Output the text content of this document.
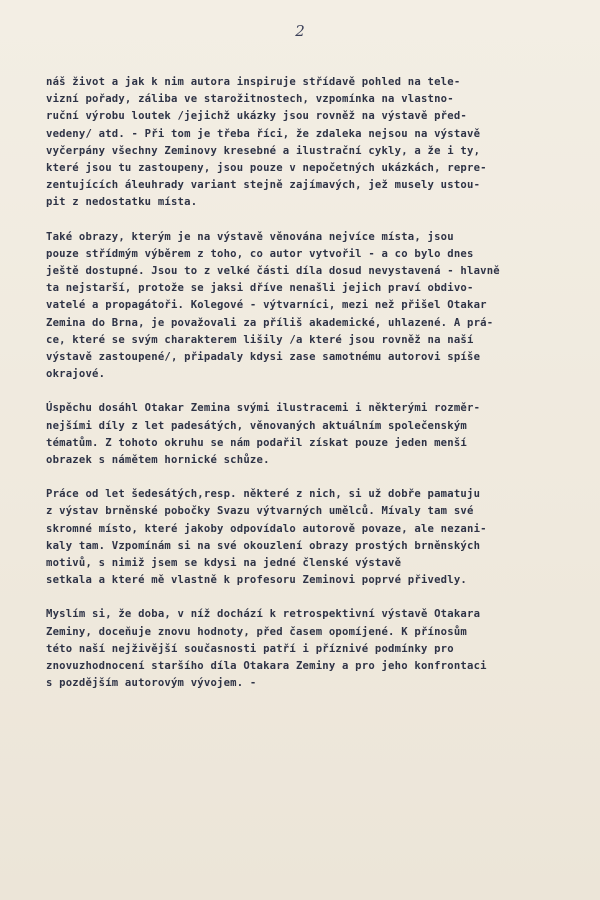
2

náš život a jak k nim autora inspiruje střídavě pohled na tele-
vizní pořady, záliba ve starožitnostech, vzpomínka na vlastno-
ruční výrobu loutek /jejichž ukázky jsou rovněž na výstavě před-
vedeny/ atd. - Při tom je třeba říci, že zdaleka nejsou na výstavě
vyčerpány všechny Zeminovy kresebné a ilustrační cykly, a že i ty,
které jsou tu zastoupeny, jsou pouze v nepočetných ukázkách, repre-
zentujících áleuhrady variant stejně zajímavých, jež musely ustou-
pit z nedostatku místa.

Také obrazy, kterým je na výstavě věnována nejvíce místa, jsou
pouze střídmým výběrem z toho, co autor vytvořil - a co bylo dnes
ještě dostupné. Jsou to z velké části díla dosud nevystavená - hlavně
ta nejstarší, protože se jaksi dříve nenašli jejich praví obdivo-
vatelé a propagátoři. Kolegové - výtvarníci, mezi než přišel Otakar
Zemina do Brna, je považovali za příliš akademické, uhlazené. A prá-
ce, které se svým charakterem lišily /a které jsou rovněž na naší
výstavě zastoupené/, připadaly kdysi zase samotnému autorovi spíše
okrajové.

Úspěchu dosáhl Otakar Zemina svými ilustracemi i některými rozměr-
nejšími díly z let padesátých, věnovaných aktuálním společenským
tématům. Z tohoto okruhu se nám podařil získat pouze jeden menší
obrazek s námětem hornické schůze.

Práce od let šedesátých,resp. některé z nich, si už dobře pamatuju
z výstav brněnské pobočky Svazu výtvarných umělců. Mívaly tam své
skromné místo, které jakoby odpovídalo autorově povaze, ale nezani-
kaly tam. Vzpomínám si na své okouzlení obrazy prostých brněnských
motivů, s nimiž jsem se kdysi na jedné členské výstavě
setkala a které mě vlastně k profesoru Zeminovi poprvé přivedly.

Myslím si, že doba, v níž dochází k retrospektivní výstavě Otakara
Zeminy, doceňuje znovu hodnoty, před časem opomíjené. K přínosům
této naší nejživější současnosti patří i příznivé podmínky pro
znovuzhodnocení staršího díla Otakara Zeminy a pro jeho konfrontaci
s pozdějším autorovým vývojem. -
